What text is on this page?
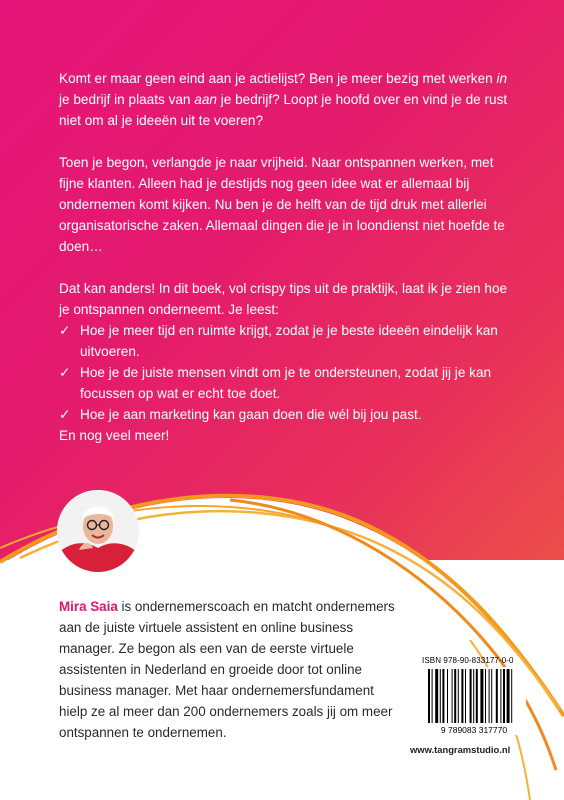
Komt er maar geen eind aan je actielijst? Ben je meer bezig met werken in je bedrijf in plaats van aan je bedrijf? Loopt je hoofd over en vind je de rust niet om al je ideeën uit te voeren?

Toen je begon, verlangde je naar vrijheid. Naar ontspannen werken, met fijne klanten. Alleen had je destijds nog geen idee wat er allemaal bij ondernemen komt kijken. Nu ben je de helft van de tijd druk met allerlei organisatorische zaken. Allemaal dingen die je in loondienst niet hoefde te doen…

Dat kan anders! In dit boek, vol crispy tips uit de praktijk, laat ik je zien hoe je ontspannen onderneemt. Je leest:

✓ Hoe je meer tijd en ruimte krijgt, zodat je je beste ideeën eindelijk kan uitvoeren.
✓ Hoe je de juiste mensen vindt om je te ondersteunen, zodat jij je kan focussen op wat er echt toe doet.
✓ Hoe je aan marketing kan gaan doen die wél bij jou past.

En nog veel meer!

Mira Saia is ondernemerscoach en matcht ondernemers aan de juiste virtuele assistent en online business manager. Ze begon als een van de eerste virtuele assistenten in Nederland en groeide door tot online business manager. Met haar ondernemersfundament hielp ze al meer dan 200 ondernemers zoals jij om meer ontspannen te ondernemen.
ISBN 978-90-833177-0-0
9 789083 317770
www.tangramstudio.nl
